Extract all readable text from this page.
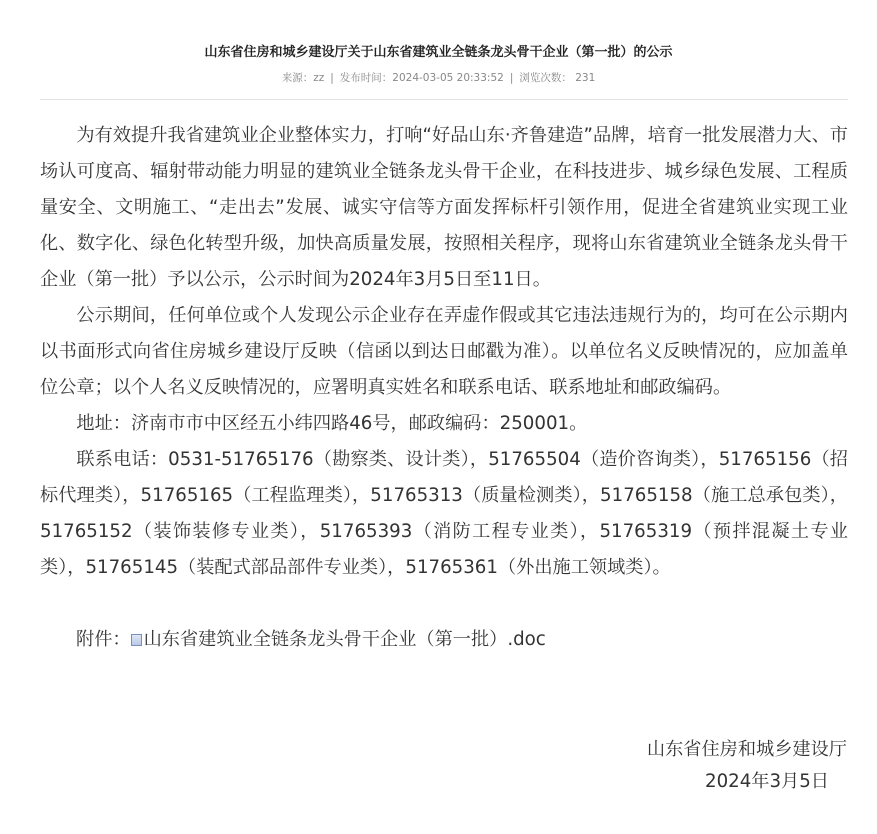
山东省住房和城乡建设厅关于山东省建筑业全链条龙头骨干企业（第一批）的公示
来源：zz | 发布时间：2024-03-05 20:33:52 | 浏览次数： 231

为有效提升我省建筑业企业整体实力，打响“好品山东·齐鲁建造”品牌，培育一批发展潜力大、市场认可度高、辐射带动能力明显的建筑业全链条龙头骨干企业，在科技进步、城乡绿色发展、工程质量安全、文明施工、“走出去”发展、诚实守信等方面发挥标杆引领作用，促进全省建筑业实现工业化、数字化、绿色化转型升级，加快高质量发展，按照相关程序，现将山东省建筑业全链条龙头骨干企业（第一批）予以公示，公示时间为2024年3月5日至11日。

公示期间，任何单位或个人发现公示企业存在弄虚作假或其它违法违规行为的，均可在公示期内以书面形式向省住房城乡建设厅反映（信函以到达日邮戳为准）。以单位名义反映情况的，应加盖单位公章；以个人名义反映情况的，应署明真实姓名和联系电话、联系地址和邮政编码。

地址：济南市市中区经五小纬四路46号，邮政编码：250001。

联系电话：0531-51765176（勘察类、设计类），51765504（造价咨询类），51765156（招标代理类），51765165（工程监理类），51765313（质量检测类），51765158（施工总承包类），51765152（装饰装修专业类），51765393（消防工程专业类），51765319（预拌混凝土专业类），51765145（装配式部品部件专业类），51765361（外出施工领域类）。

附件： 山东省建筑业全链条龙头骨干企业（第一批）.doc
山东省住房和城乡建设厅
2024年3月5日
